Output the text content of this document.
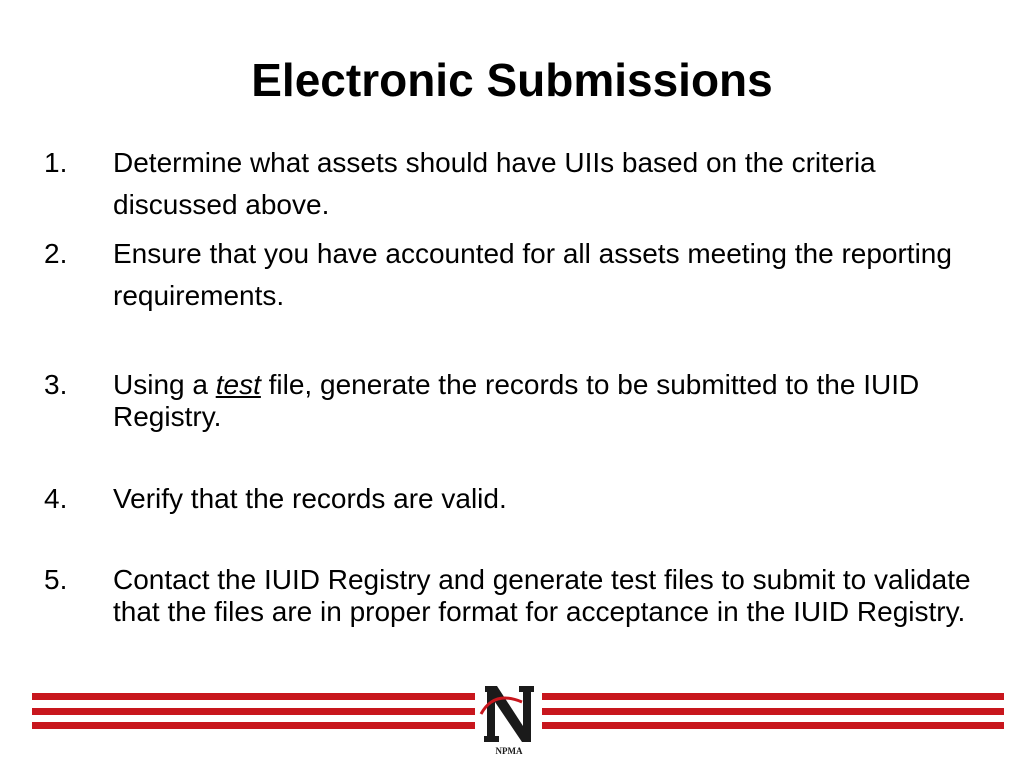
Electronic Submissions
1. Determine what assets should have UIIs based on the criteria discussed above.
2. Ensure that you have accounted for all assets meeting the reporting requirements.
3. Using a test file, generate the records to be submitted to the IUID Registry.
4. Verify that the records are valid.
5. Contact the IUID Registry and generate test files to submit to validate that the files are in proper format for acceptance in the IUID Registry.
NPMA
